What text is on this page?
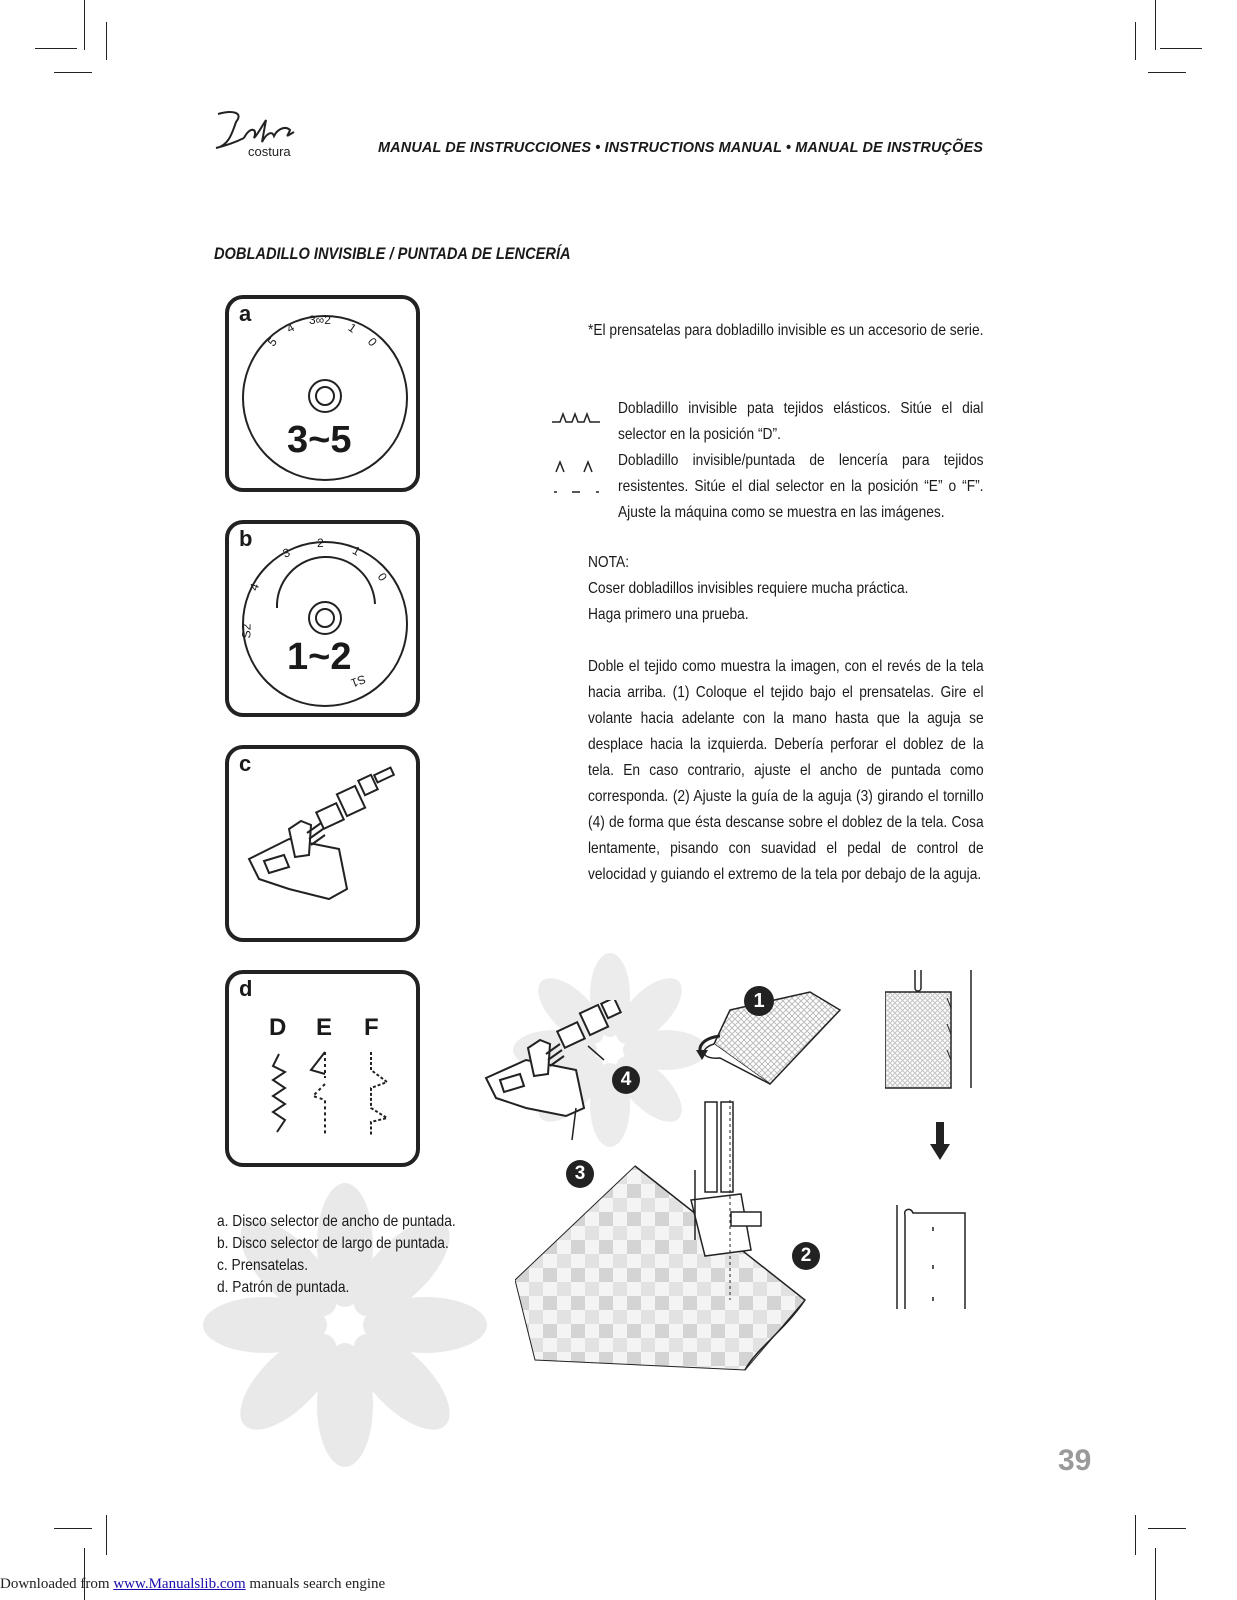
costura	MANUAL DE INSTRUCCIONES • INSTRUCTIONS MANUAL • MANUAL DE INSTRUÇÕES
DOBLADILLO INVISIBLE / PUNTADA DE LENCERÍA
a
5
4
3∞2
1
0
3~5
b
3
2
1
0
4
S2
S1
1~2
c
d
D E F
*El prensatelas para dobladillo invisible es un accesorio de serie.
Dobladillo invisible pata tejidos elásticos. Sitúe el dial selector en la posición “D”.
Dobladillo invisible/puntada de lencería para tejidos resistentes. Sitúe el dial selector en la posición “E” o “F”. Ajuste la máquina como se muestra en las imágenes.
NOTA:
Coser dobladillos invisibles requiere mucha práctica.
Haga primero una prueba.
Doble el tejido como muestra la imagen, con el revés de la tela hacia arriba. (1) Coloque el tejido bajo el prensatelas. Gire el volante hacia adelante con la mano hasta que la aguja se desplace hacia la izquierda. Debería perforar el doblez de la tela. En caso contrario, ajuste el ancho de puntada como corresponda. (2) Ajuste la guía de la aguja (3) girando el tornillo (4) de forma que ésta descanse sobre el doblez de la tela. Cosa lentamente, pisando con suavidad el pedal de control de velocidad y guiando el extremo de la tela por debajo de la aguja.
1
2
3
4
a. Disco selector de ancho de puntada.
b. Disco selector de largo de puntada.
c. Prensatelas.
d. Patrón de puntada.
39
Downloaded from www.Manualslib.com manuals search engine
